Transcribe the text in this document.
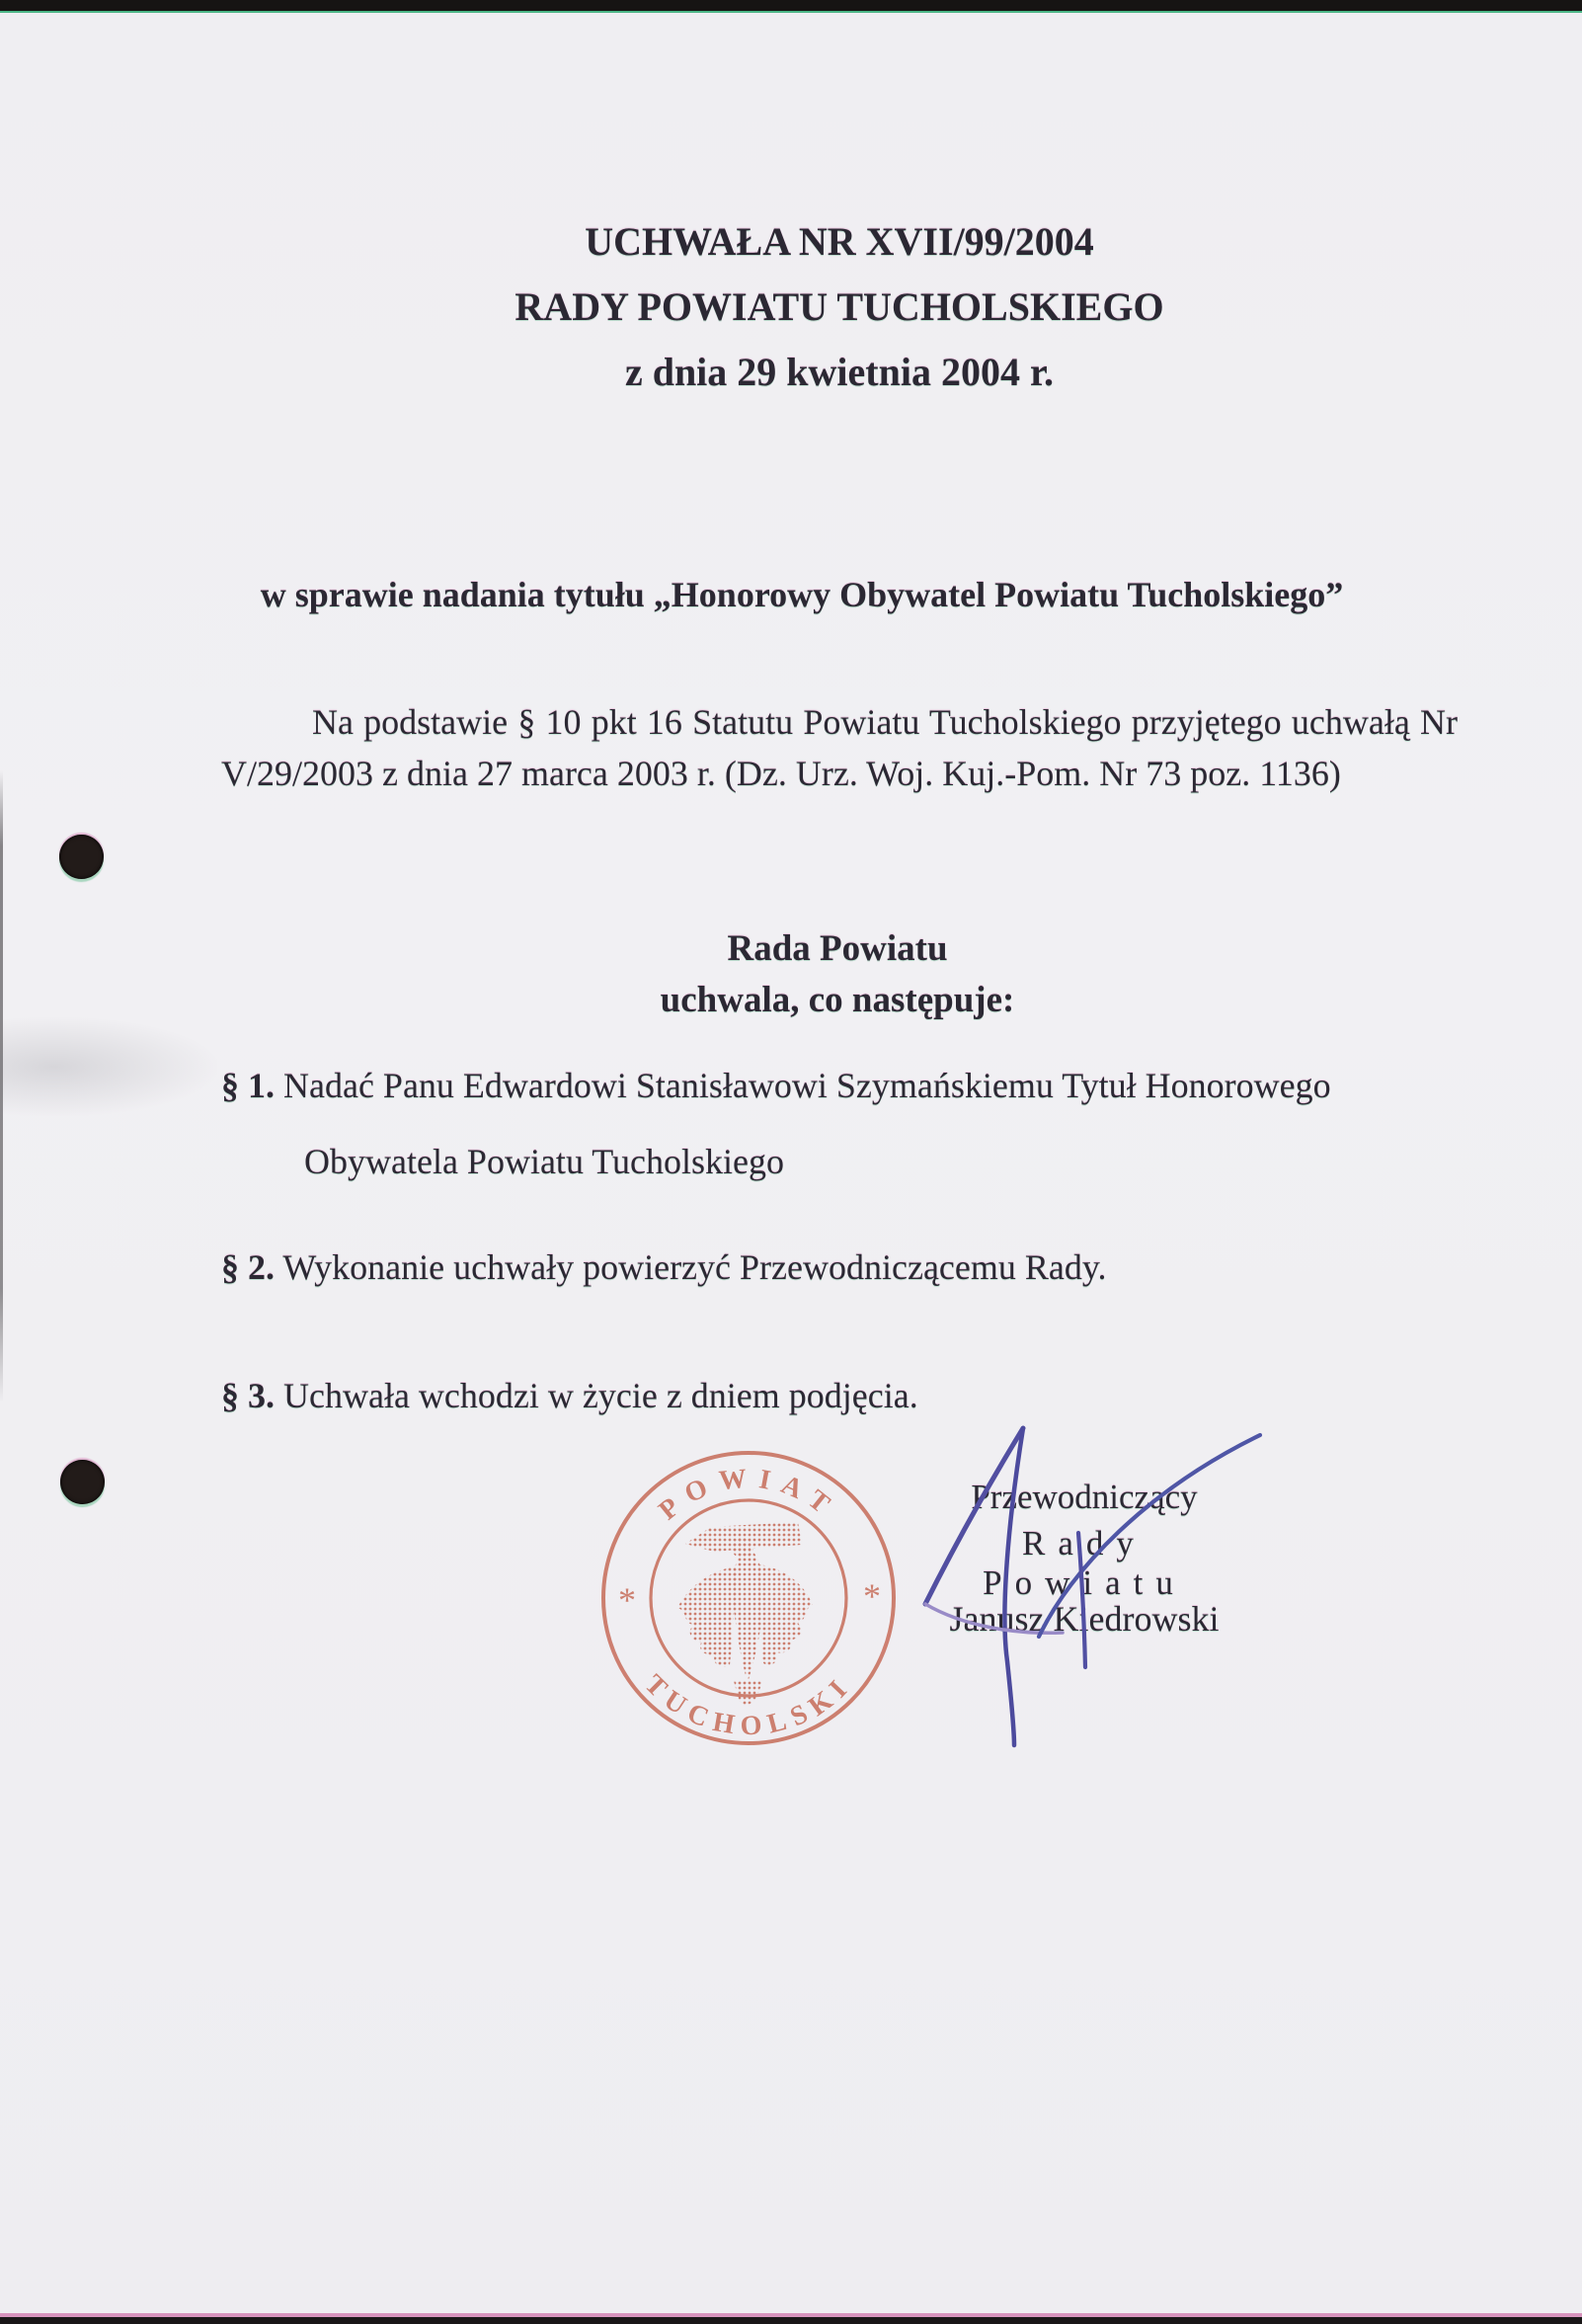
UCHWAŁA NR XVII/99/2004
RADY POWIATU TUCHOLSKIEGO
z dnia 29 kwietnia 2004 r.
w sprawie nadania tytułu „Honorowy Obywatel Powiatu Tucholskiego”
Na podstawie § 10 pkt 16 Statutu Powiatu Tucholskiego przyjętego uchwałą Nr V/29/2003 z dnia 27 marca 2003 r. (Dz. Urz. Woj. Kuj.-Pom. Nr 73 poz. 1136)
Rada Powiatu
uchwala, co następuje:
§ 1. Nadać Panu Edwardowi Stanisławowi Szymańskiemu Tytuł Honorowego
Obywatela Powiatu Tucholskiego
§ 2. Wykonanie uchwały powierzyć Przewodniczącemu Rady.
§ 3. Uchwała wchodzi w życie z dniem podjęcia.
POWIAT
TUCHOLSKI
*	*
Przewodniczący
Rady Powiatu
Janusz Kiedrowski
